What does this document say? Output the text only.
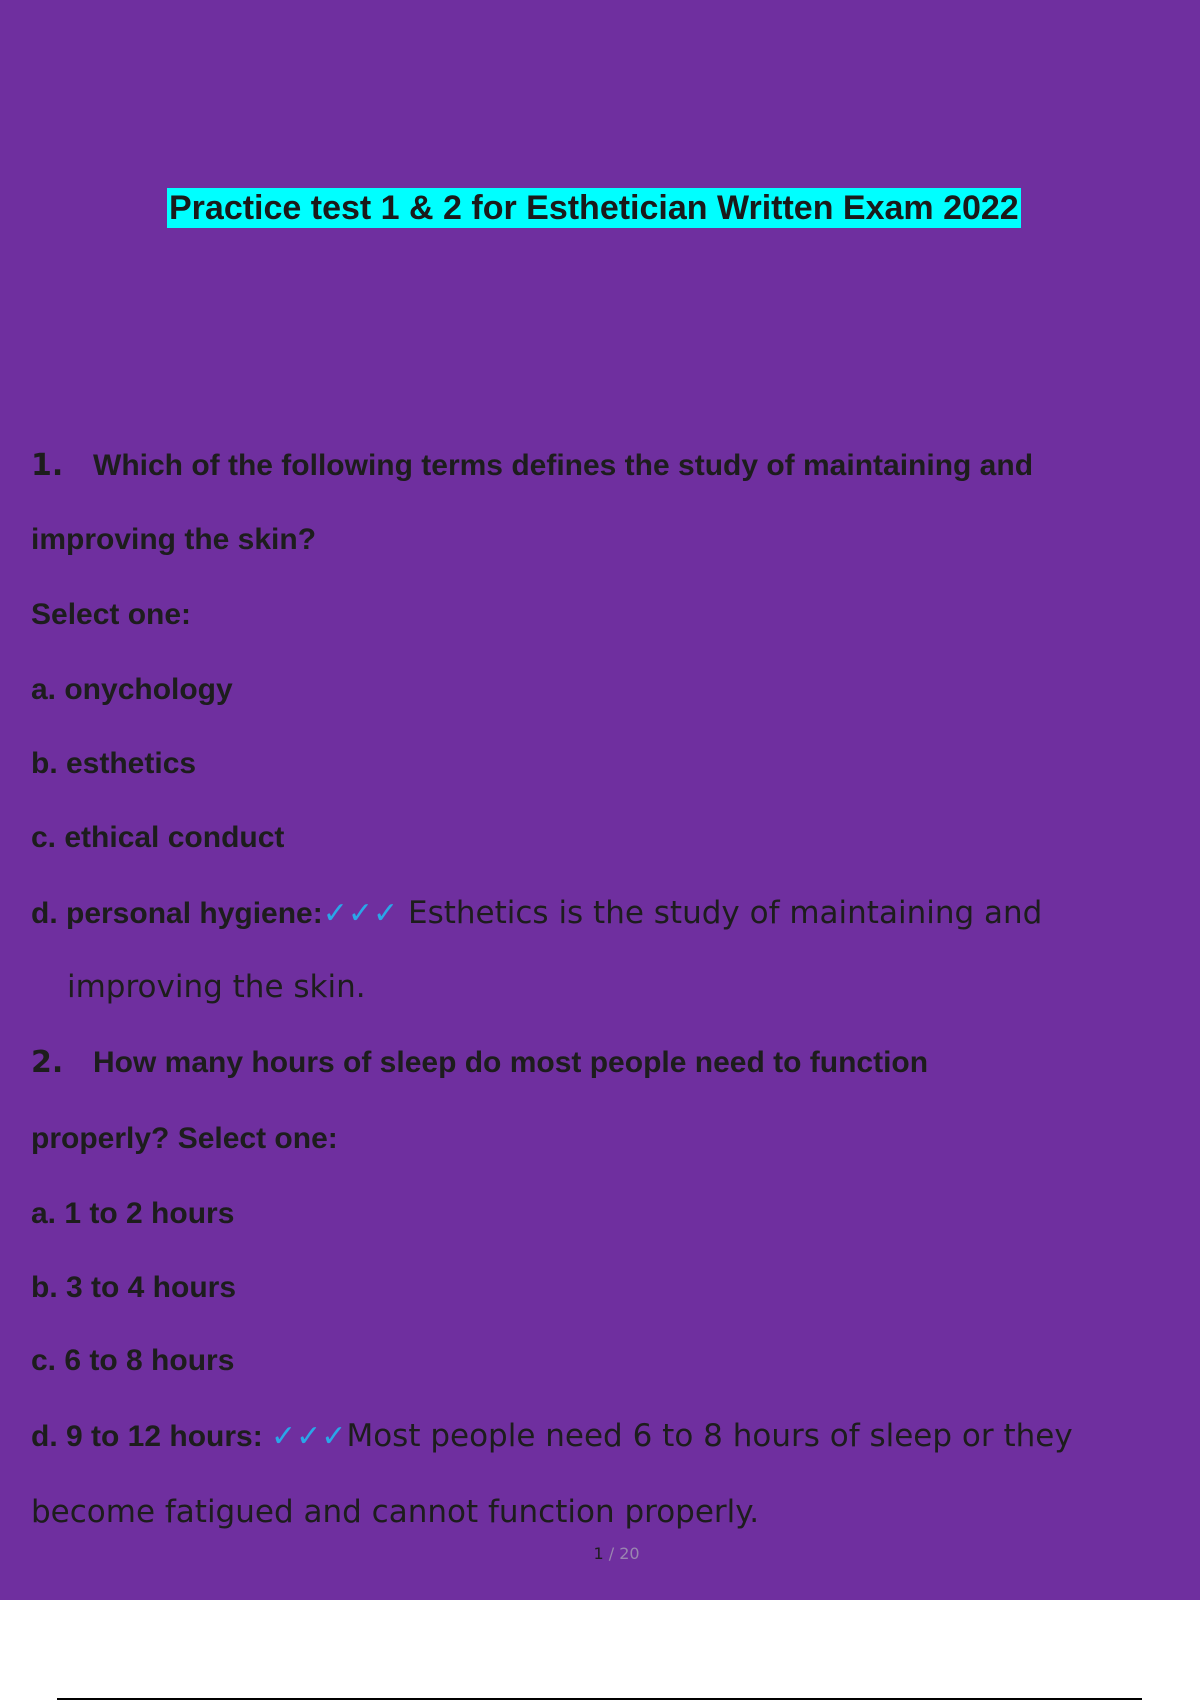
Practice test 1 & 2 for Esthetician Written Exam 2022
1. Which of the following terms defines the study of maintaining and
improving the skin?
Select one:
a. onychology
b. esthetics
c. ethical conduct
d. personal hygiene:✓✓✓ Esthetics is the study of maintaining and
improving the skin.
2. How many hours of sleep do most people need to function
properly? Select one:
a. 1 to 2 hours
b. 3 to 4 hours
c. 6 to 8 hours
d. 9 to 12 hours: ✓✓✓Most people need 6 to 8 hours of sleep or they
become fatigued and cannot function properly.
1 / 20
